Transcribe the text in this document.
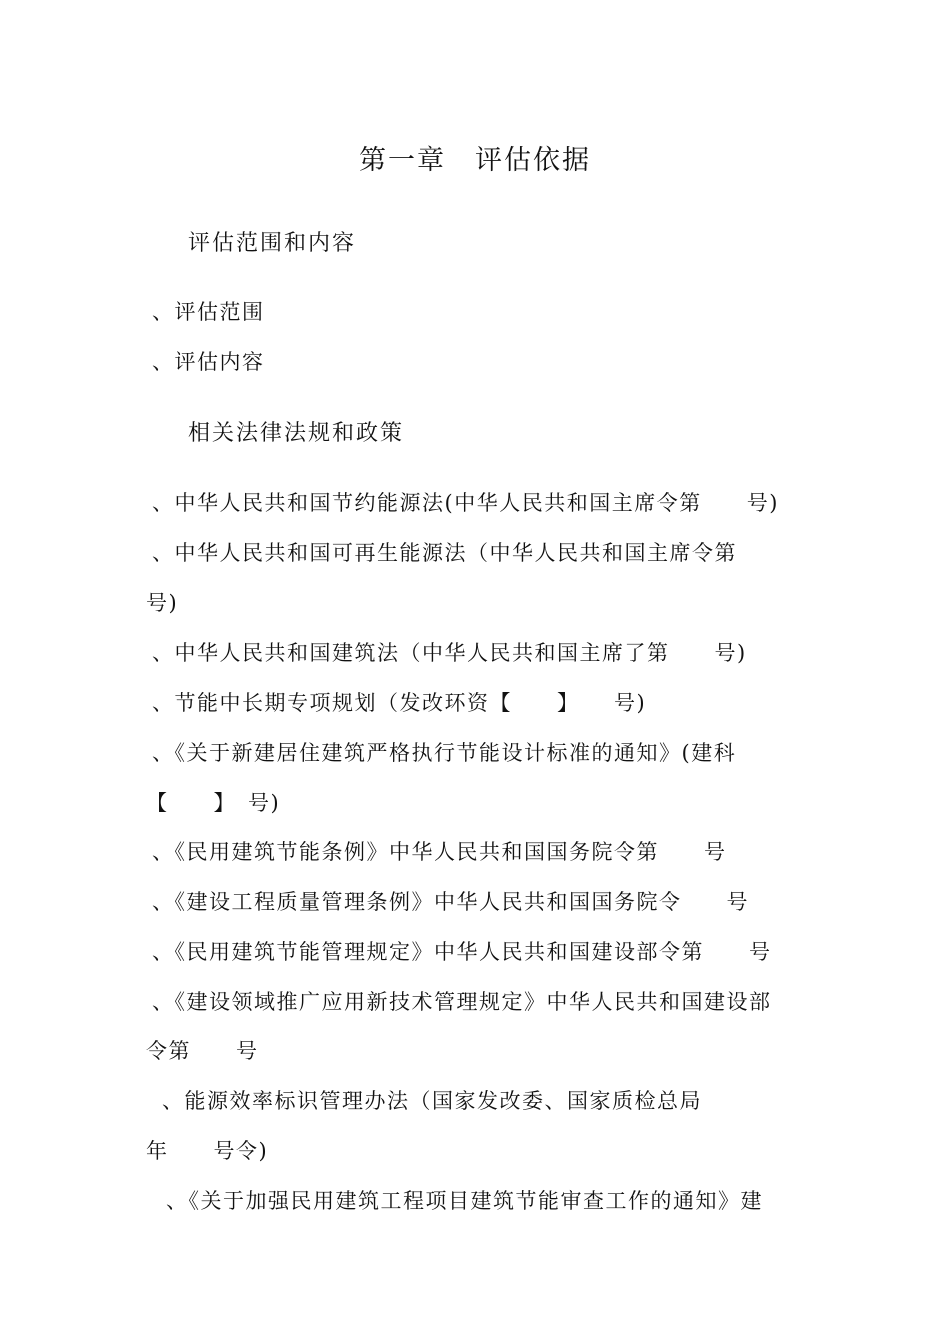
第一章　评估依据
评估范围和内容
、评估范围
、评估内容
相关法律法规和政策
、中华人民共和国节约能源法(中华人民共和国主席令第　　号)
、中华人民共和国可再生能源法（中华人民共和国主席令第
号)
、中华人民共和国建筑法（中华人民共和国主席了第　　号)
、节能中长期专项规划（发改环资【　　】　　号)
、《关于新建居住建筑严格执行节能设计标准的通知》(建科
【　　】　号)
、《民用建筑节能条例》中华人民共和国国务院令第　　号
、《建设工程质量管理条例》中华人民共和国国务院令　　号
、《民用建筑节能管理规定》中华人民共和国建设部令第　　号
、《建设领域推广应用新技术管理规定》中华人民共和国建设部
令第　　号
、能源效率标识管理办法（国家发改委、国家质检总局
年　　号令)
、《关于加强民用建筑工程项目建筑节能审查工作的通知》建
